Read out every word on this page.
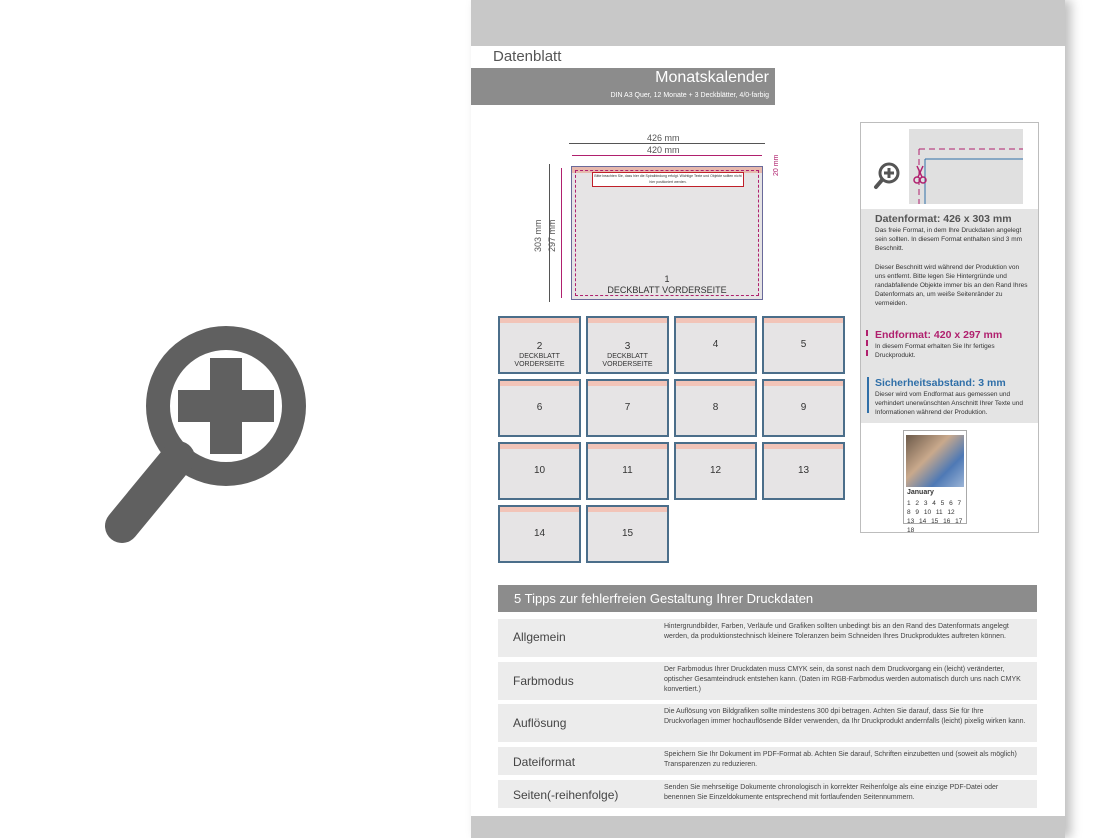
Datenblatt
Monatskalender
DIN A3 Quer, 12 Monate + 3 Deckblätter, 4/0-farbig
426 mm
420 mm
303 mm 297 mm
20 mm
Bitte beachten Sie, dass hier die Spiralbindung erfolgt. Wichtige Texte und Objekte sollten nicht hier positioniert werden.
1
DECKBLATT VORDERSEITE
2
DECKBLATT VORDERSEITE
3
DECKBLATT VORDERSEITE
4	5
6	7	8	9
10	11	12	13
14	15
Datenformat: 426 x 303 mm

Das freie Format, in dem Ihre Druckdaten angelegt sein sollten. In diesem Format enthalten sind 3 mm Beschnitt.

Dieser Beschnitt wird während der Produktion von uns entfernt. Bitte legen Sie Hintergründe und randabfallende Objekte immer bis an den Rand Ihres Datenformats an, um weiße Seitenränder zu vermeiden.

Endformat: 420 x 297 mm

In diesem Format erhalten Sie Ihr fertiges Druckprodukt.

Sicherheitsabstand: 3 mm

Dieser wird vom Endformat aus gemessen und verhindert unerwünschten Anschnitt Ihrer Texte und Informationen während der Produktion.

January
1 2 3 4 5 6 7 8 9 10 11 12 13 14 15 16 17 18
5 Tipps zur fehlerfreien Gestaltung Ihrer Druckdaten
Allgemein
Hintergrundbilder, Farben, Verläufe und Grafiken sollten unbedingt bis an den Rand des Datenformats angelegt werden, da produktionstechnisch kleinere Toleranzen beim Schneiden Ihres Druckproduktes auftreten können.
Farbmodus
Der Farbmodus Ihrer Druckdaten muss CMYK sein, da sonst nach dem Druckvorgang ein (leicht) veränderter, optischer Gesamteindruck entstehen kann. (Daten im RGB-Farbmodus werden automatisch durch uns nach CMYK konvertiert.)
Auflösung
Die Auflösung von Bildgrafiken sollte mindestens 300 dpi betragen. Achten Sie darauf, dass Sie für Ihre Druckvorlagen immer hochauflösende Bilder verwenden, da Ihr Druckprodukt andernfalls (leicht) pixelig wirken kann.
Dateiformat
Speichern Sie Ihr Dokument im PDF-Format ab. Achten Sie darauf, Schriften einzubetten und (soweit als möglich) Transparenzen zu reduzieren.
Seiten(-reihenfolge)
Senden Sie mehrseitige Dokumente chronologisch in korrekter Reihenfolge als eine einzige PDF-Datei oder benennen Sie Einzeldokumente entsprechend mit fortlaufenden Seitennummern.
